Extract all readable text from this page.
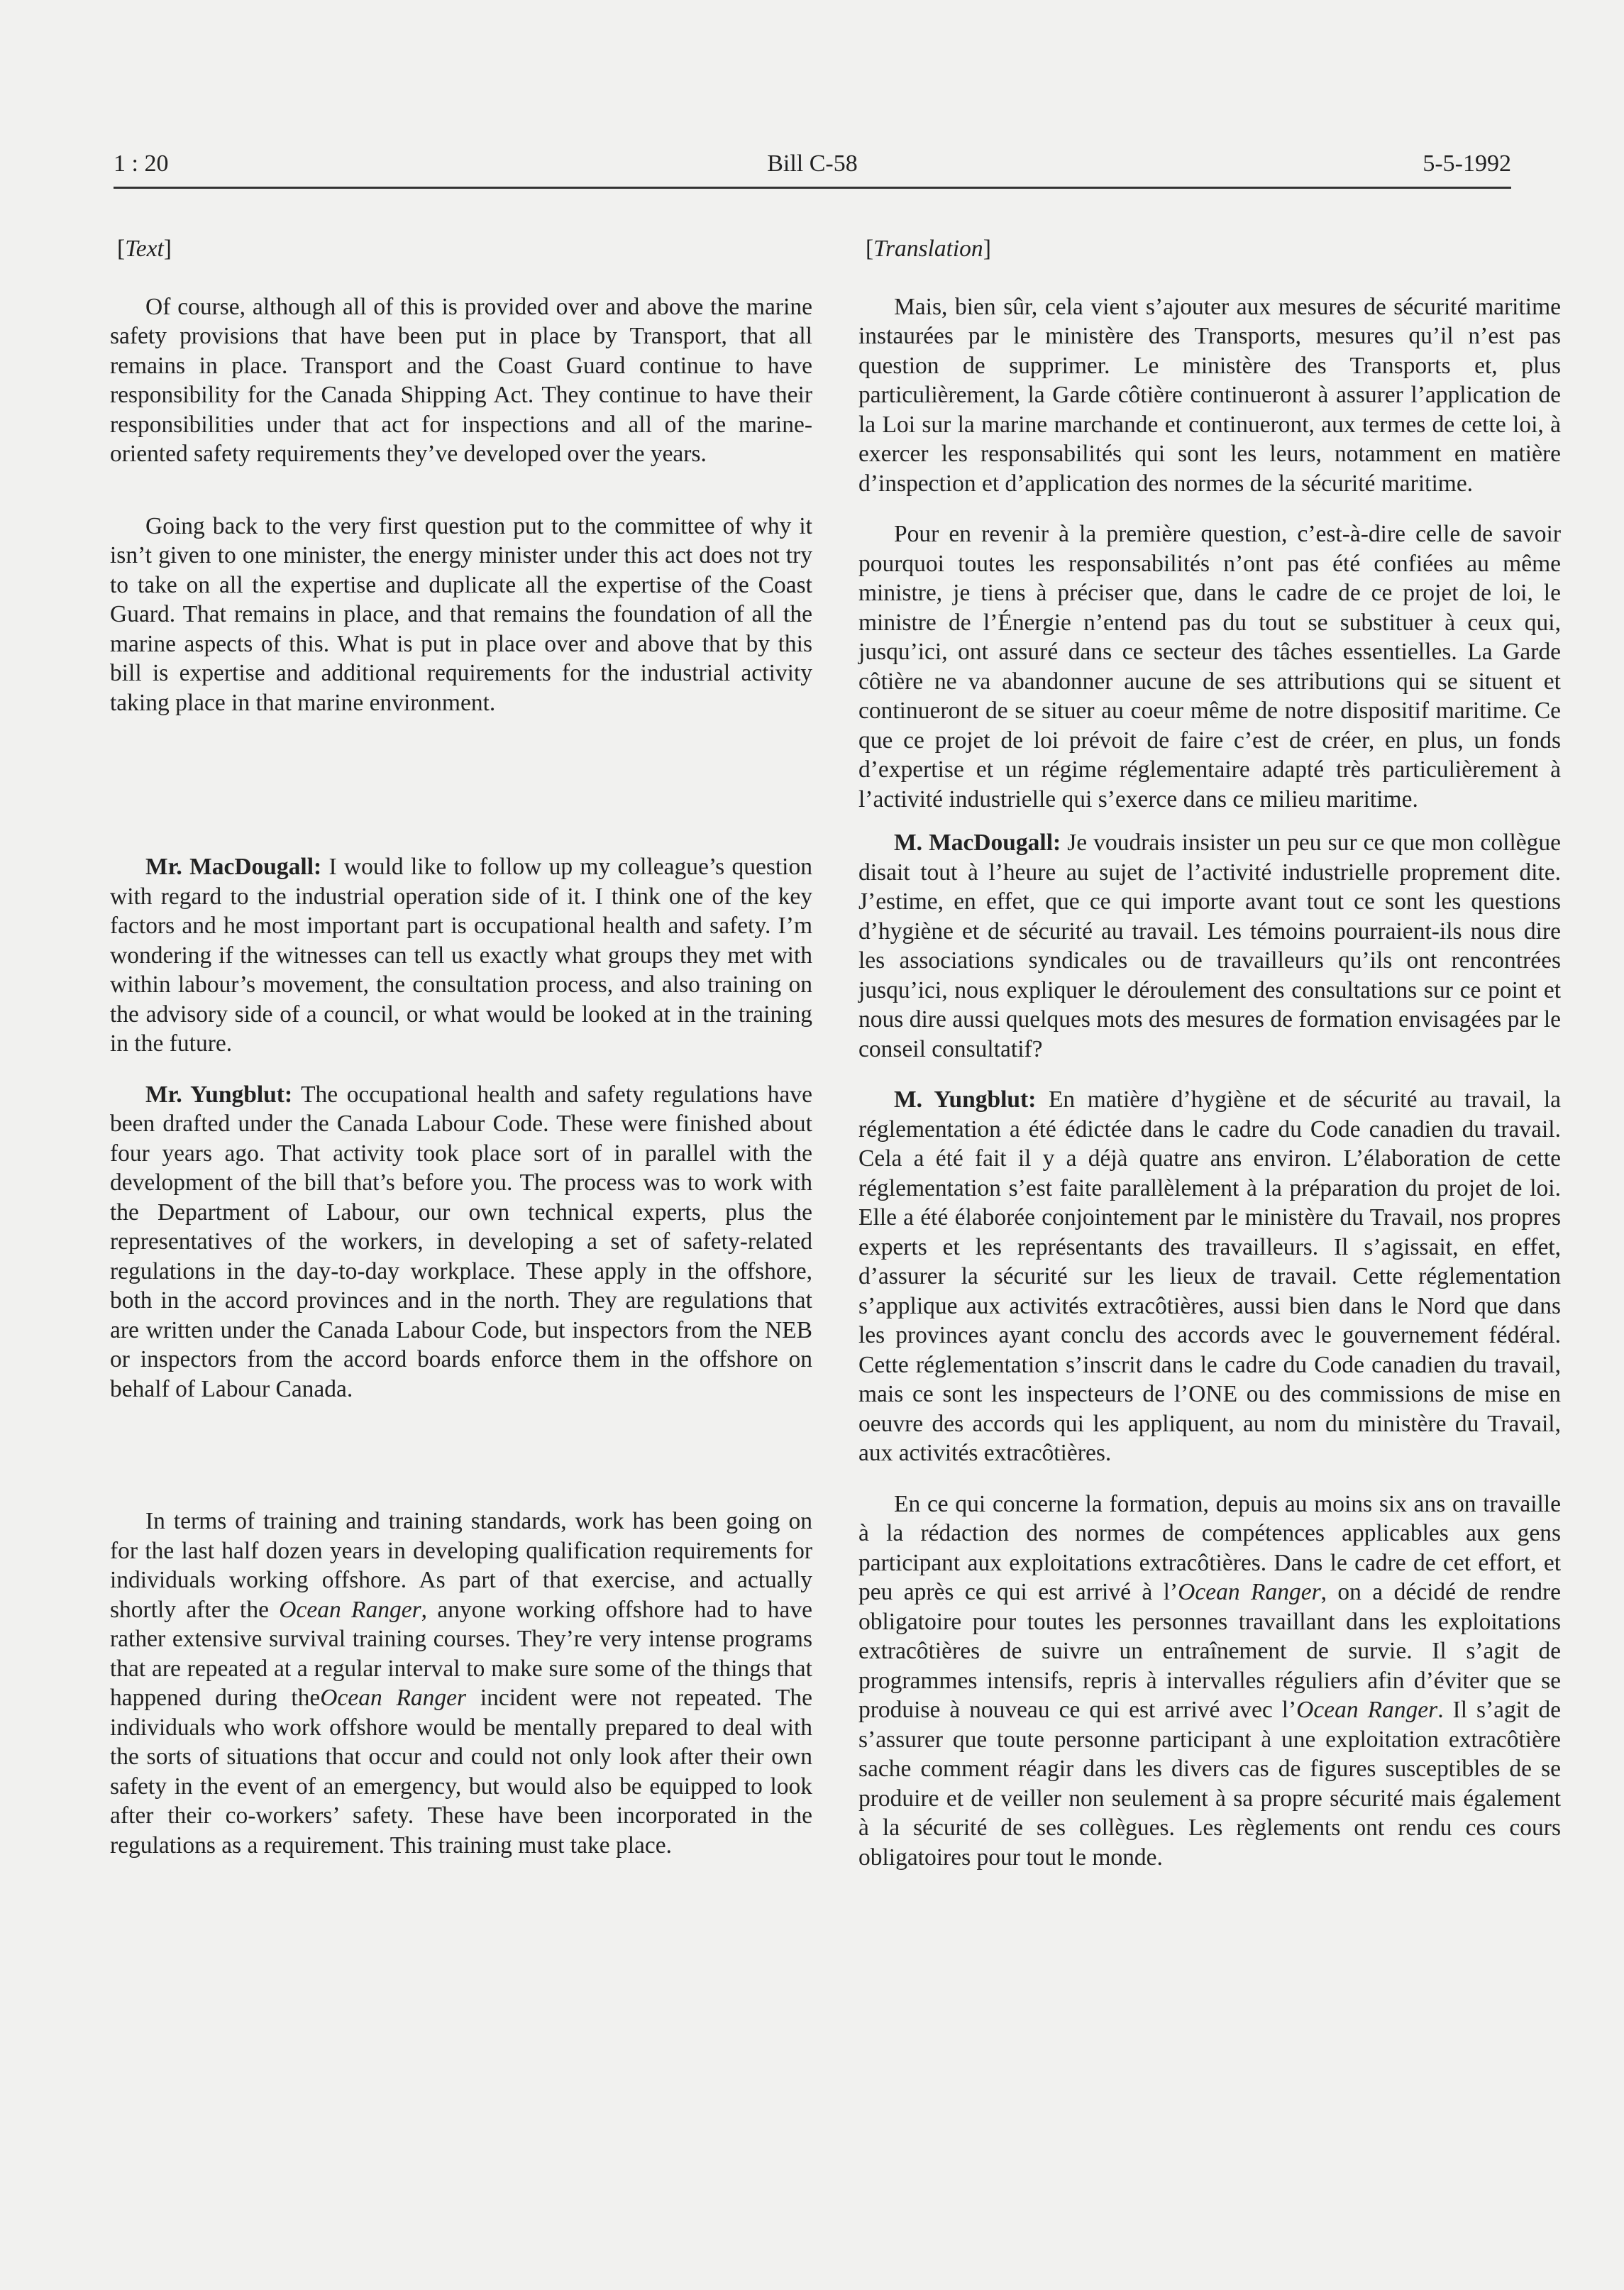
1 : 20	Bill C-58	5-5-1992
[Text]

Of course, although all of this is provided over and above the marine safety provisions that have been put in place by Transport, that all remains in place. Transport and the Coast Guard continue to have responsibility for the Canada Shipping Act. They continue to have their responsibilities under that act for inspections and all of the marine-oriented safety requirements they’ve developed over the years.

Going back to the very first question put to the committee of why it isn’t given to one minister, the energy minister under this act does not try to take on all the expertise and duplicate all the expertise of the Coast Guard. That remains in place, and that remains the foundation of all the marine aspects of this. What is put in place over and above that by this bill is expertise and additional requirements for the industrial activity taking place in that marine environment.

Mr. MacDougall: I would like to follow up my colleague’s question with regard to the industrial operation side of it. I think one of the key factors and he most important part is occupational health and safety. I’m wondering if the witnesses can tell us exactly what groups they met with within labour’s movement, the consultation process, and also training on the advisory side of a council, or what would be looked at in the training in the future.

Mr. Yungblut: The occupational health and safety regulations have been drafted under the Canada Labour Code. These were finished about four years ago. That activity took place sort of in parallel with the development of the bill that’s before you. The process was to work with the Department of Labour, our own technical experts, plus the representatives of the workers, in developing a set of safety-related regulations in the day-to-day workplace. These apply in the offshore, both in the accord provinces and in the north. They are regulations that are written under the Canada Labour Code, but inspectors from the NEB or inspectors from the accord boards enforce them in the offshore on behalf of Labour Canada.

In terms of training and training standards, work has been going on for the last half dozen years in developing qualification requirements for individuals working offshore. As part of that exercise, and actually shortly after the Ocean Ranger, anyone working offshore had to have rather extensive survival training courses. They’re very intense programs that are repeated at a regular interval to make sure some of the things that happened during theOcean Ranger incident were not repeated. The individuals who work offshore would be mentally prepared to deal with the sorts of situations that occur and could not only look after their own safety in the event of an emergency, but would also be equipped to look after their co-workers’ safety. These have been incorporated in the regulations as a requirement. This training must take place.

[Translation]

Mais, bien sûr, cela vient s’ajouter aux mesures de sécurité maritime instaurées par le ministère des Transports, mesures qu’il n’est pas question de supprimer. Le ministère des Transports et, plus particulièrement, la Garde côtière continueront à assurer l’application de la Loi sur la marine marchande et continueront, aux termes de cette loi, à exercer les responsabilités qui sont les leurs, notamment en matière d’inspection et d’application des normes de la sécurité maritime.

Pour en revenir à la première question, c’est-à-dire celle de savoir pourquoi toutes les responsabilités n’ont pas été confiées au même ministre, je tiens à préciser que, dans le cadre de ce projet de loi, le ministre de l’Énergie n’entend pas du tout se substituer à ceux qui, jusqu’ici, ont assuré dans ce secteur des tâches essentielles. La Garde côtière ne va abandonner aucune de ses attributions qui se situent et continueront de se situer au coeur même de notre dispositif maritime. Ce que ce projet de loi prévoit de faire c’est de créer, en plus, un fonds d’expertise et un régime réglementaire adapté très particulièrement à l’activité industrielle qui s’exerce dans ce milieu maritime.

M. MacDougall: Je voudrais insister un peu sur ce que mon collègue disait tout à l’heure au sujet de l’activité industrielle proprement dite. J’estime, en effet, que ce qui importe avant tout ce sont les questions d’hygiène et de sécurité au travail. Les témoins pourraient-ils nous dire les associations syndicales ou de travailleurs qu’ils ont rencontrées jusqu’ici, nous expliquer le déroulement des consultations sur ce point et nous dire aussi quelques mots des mesures de formation envisagées par le conseil consultatif?

M. Yungblut: En matière d’hygiène et de sécurité au travail, la réglementation a été édictée dans le cadre du Code canadien du travail. Cela a été fait il y a déjà quatre ans environ. L’élaboration de cette réglementation s’est faite parallèlement à la préparation du projet de loi. Elle a été élaborée conjointement par le ministère du Travail, nos propres experts et les représentants des travailleurs. Il s’agissait, en effet, d’assurer la sécurité sur les lieux de travail. Cette réglementation s’applique aux activités extracôtières, aussi bien dans le Nord que dans les provinces ayant conclu des accords avec le gouvernement fédéral. Cette réglementation s’inscrit dans le cadre du Code canadien du travail, mais ce sont les inspecteurs de l’ONE ou des commissions de mise en oeuvre des accords qui les appliquent, au nom du ministère du Travail, aux activités extracôtières.

En ce qui concerne la formation, depuis au moins six ans on travaille à la rédaction des normes de compétences applicables aux gens participant aux exploitations extracôtières. Dans le cadre de cet effort, et peu après ce qui est arrivé à l’Ocean Ranger, on a décidé de rendre obligatoire pour toutes les personnes travaillant dans les exploitations extracôtières de suivre un entraînement de survie. Il s’agit de programmes intensifs, repris à intervalles réguliers afin d’éviter que se produise à nouveau ce qui est arrivé avec l’Ocean Ranger. Il s’agit de s’assurer que toute personne participant à une exploitation extracôtière sache comment réagir dans les divers cas de figures susceptibles de se produire et de veiller non seulement à sa propre sécurité mais également à la sécurité de ses collègues. Les règlements ont rendu ces cours obligatoires pour tout le monde.
